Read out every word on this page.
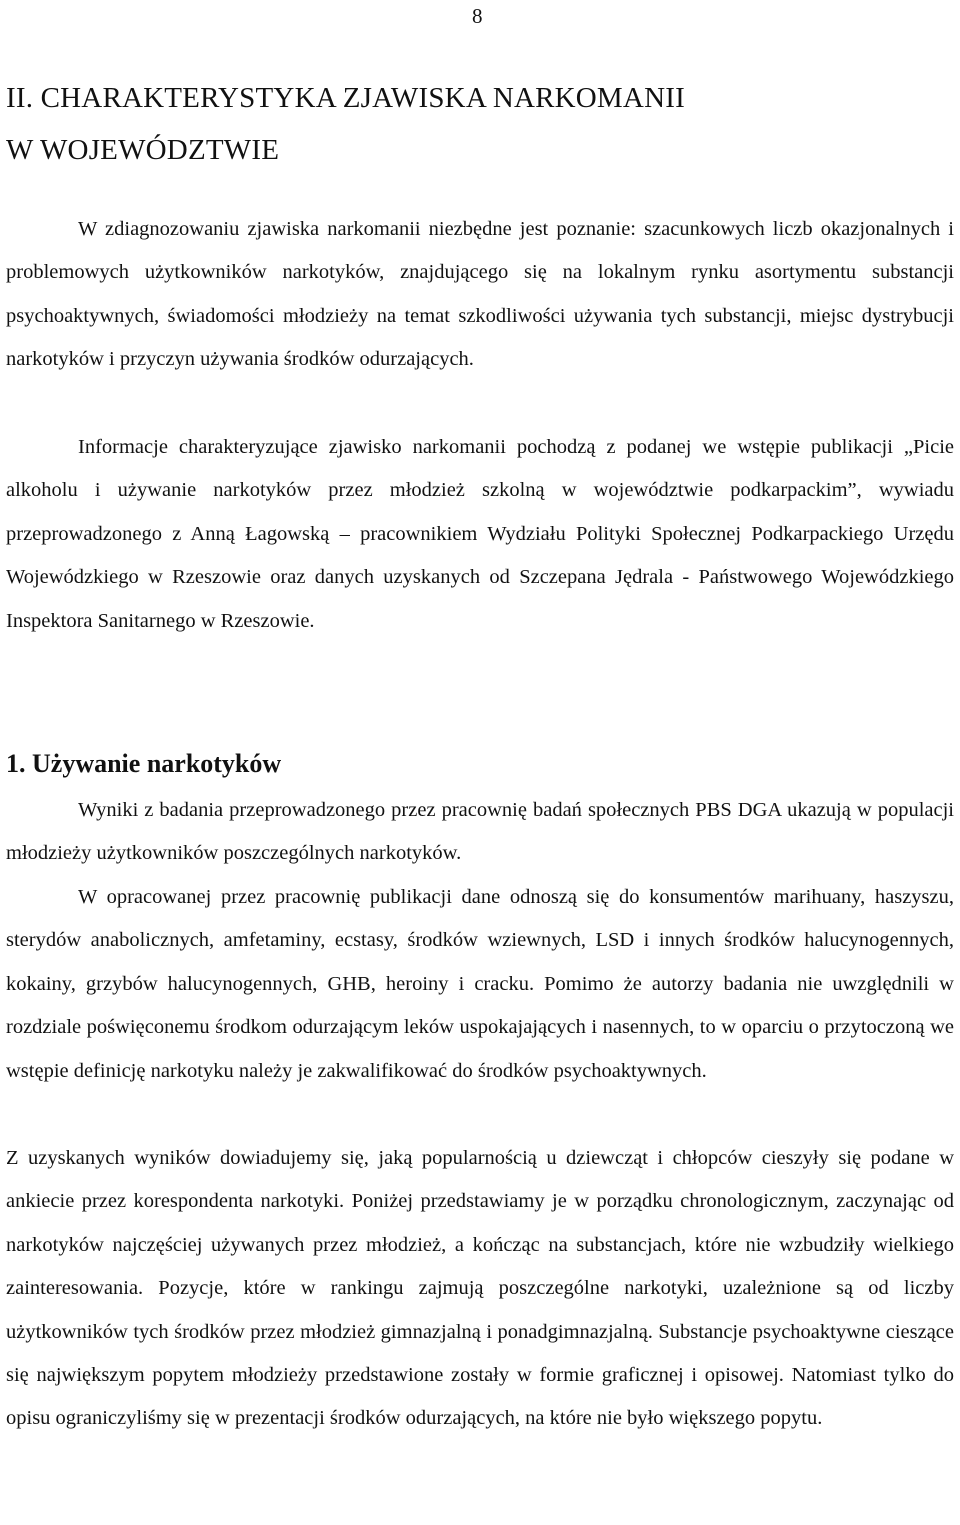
8
II. CHARAKTERYSTYKA ZJAWISKA NARKOMANII
W WOJEWÓDZTWIE

W zdiagnozowaniu zjawiska narkomanii niezbędne jest poznanie: szacunkowych liczb okazjonalnych i problemowych użytkowników narkotyków, znajdującego się na lokalnym rynku asortymentu substancji psychoaktywnych, świadomości młodzieży na temat szkodliwości używania tych substancji, miejsc dystrybucji narkotyków i przyczyn używania środków odurzających.

Informacje charakteryzujące zjawisko narkomanii pochodzą z podanej we wstępie publikacji „Picie alkoholu i używanie narkotyków przez młodzież szkolną w województwie podkarpackim”, wywiadu przeprowadzonego z Anną Łagowską – pracownikiem Wydziału Polityki Społecznej Podkarpackiego Urzędu Wojewódzkiego w Rzeszowie oraz danych uzyskanych od Szczepana Jędrala - Państwowego Wojewódzkiego Inspektora Sanitarnego w Rzeszowie.

1. Używanie narkotyków

Wyniki z badania przeprowadzonego przez pracownię badań społecznych PBS DGA ukazują w populacji młodzieży użytkowników poszczególnych narkotyków.

W opracowanej przez pracownię publikacji dane odnoszą się do konsumentów marihuany, haszyszu, sterydów anabolicznych, amfetaminy, ecstasy, środków wziewnych, LSD i innych środków halucynogennych, kokainy, grzybów halucynogennych, GHB, heroiny i cracku. Pomimo że autorzy badania nie uwzględnili w rozdziale poświęconemu środkom odurzającym leków uspokajających i nasennych, to w oparciu o przytoczoną we wstępie definicję narkotyku należy je zakwalifikować do środków psychoaktywnych.

Z uzyskanych wyników dowiadujemy się, jaką popularnością u dziewcząt i chłopców cieszyły się podane w ankiecie przez korespondenta narkotyki. Poniżej przedstawiamy je w porządku chronologicznym, zaczynając od narkotyków najczęściej używanych przez młodzież, a kończąc na substancjach, które nie wzbudziły wielkiego zainteresowania. Pozycje, które w rankingu zajmują poszczególne narkotyki, uzależnione są od liczby użytkowników tych środków przez młodzież gimnazjalną i ponadgimnazjalną. Substancje psychoaktywne cieszące się największym popytem młodzieży przedstawione zostały w formie graficznej i opisowej. Natomiast tylko do opisu ograniczyliśmy się w prezentacji środków odurzających, na które nie było większego popytu.
